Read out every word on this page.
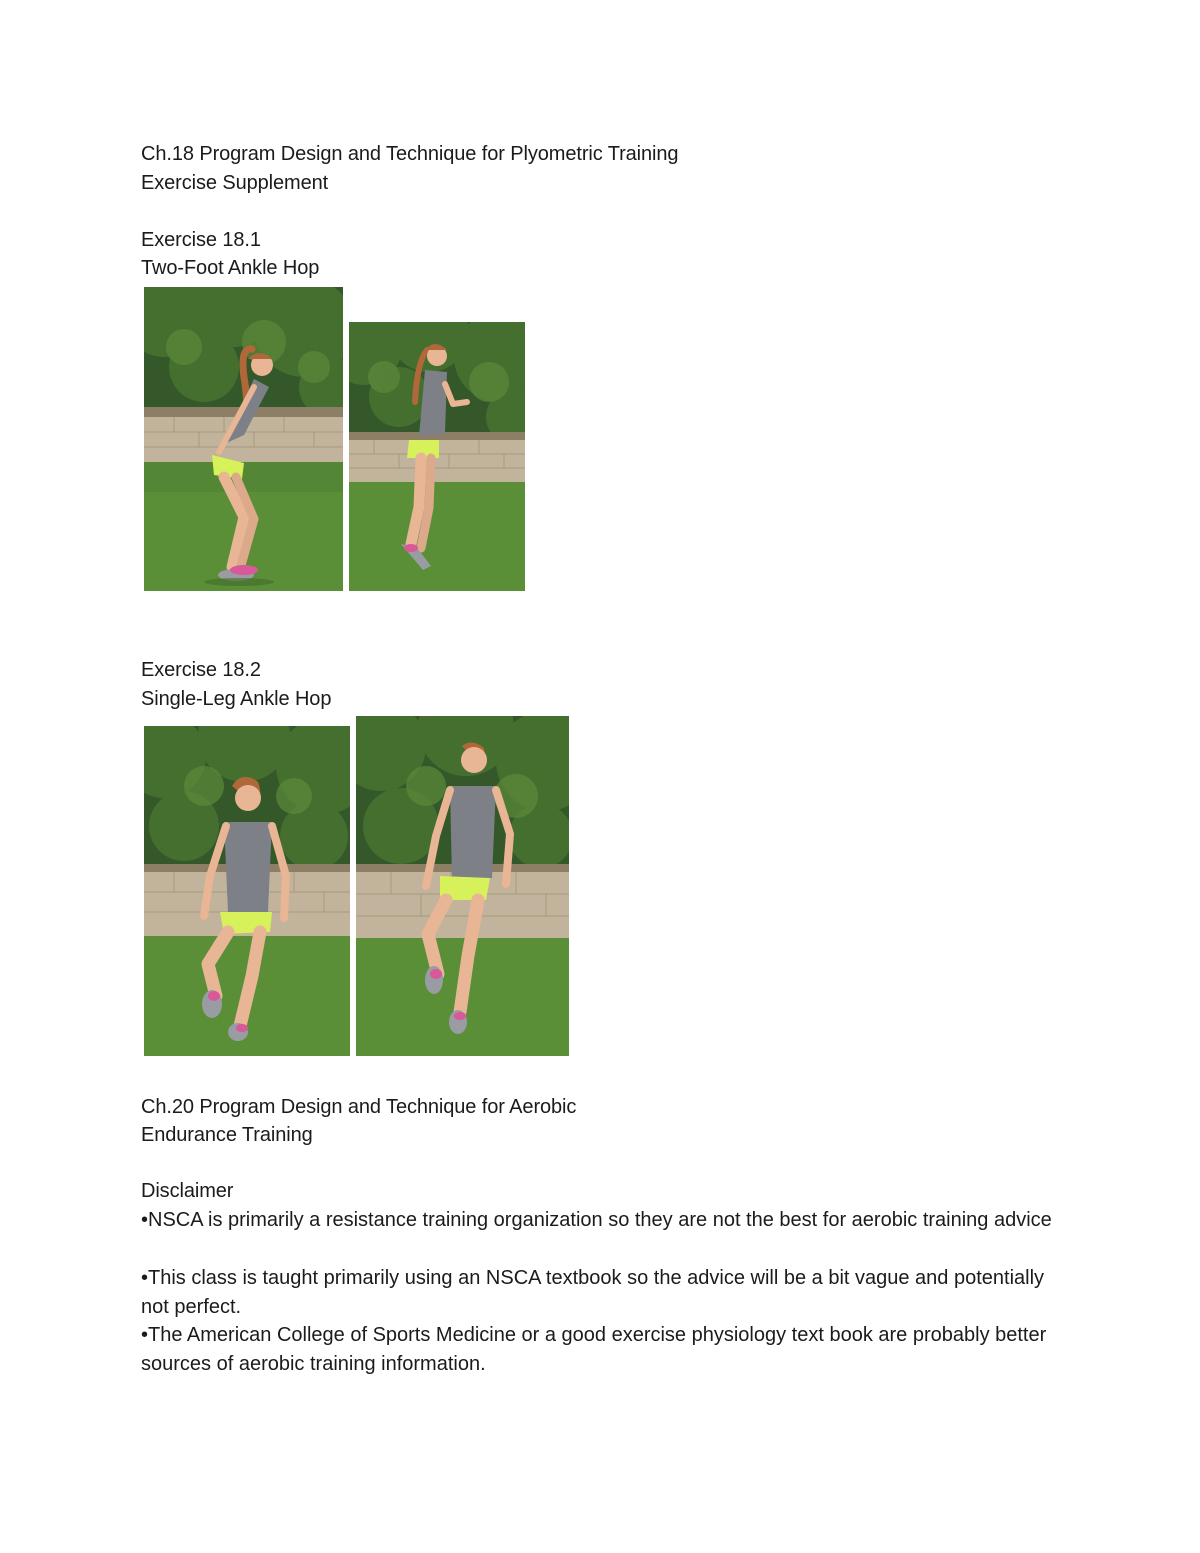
Ch.18 Program Design and Technique for Plyometric Training
Exercise Supplement
Exercise 18.1
Two-Foot Ankle Hop
Exercise 18.2
Single-Leg Ankle Hop
Ch.20 Program Design and Technique for Aerobic
Endurance Training
Disclaimer
•NSCA is primarily a resistance training organization so they are not the best for aerobic training advice
•This class is taught primarily using an NSCA textbook so the advice will be a bit vague and potentially not perfect.
•The American College of Sports Medicine or a good exercise physiology text book are probably better sources of aerobic training information.
